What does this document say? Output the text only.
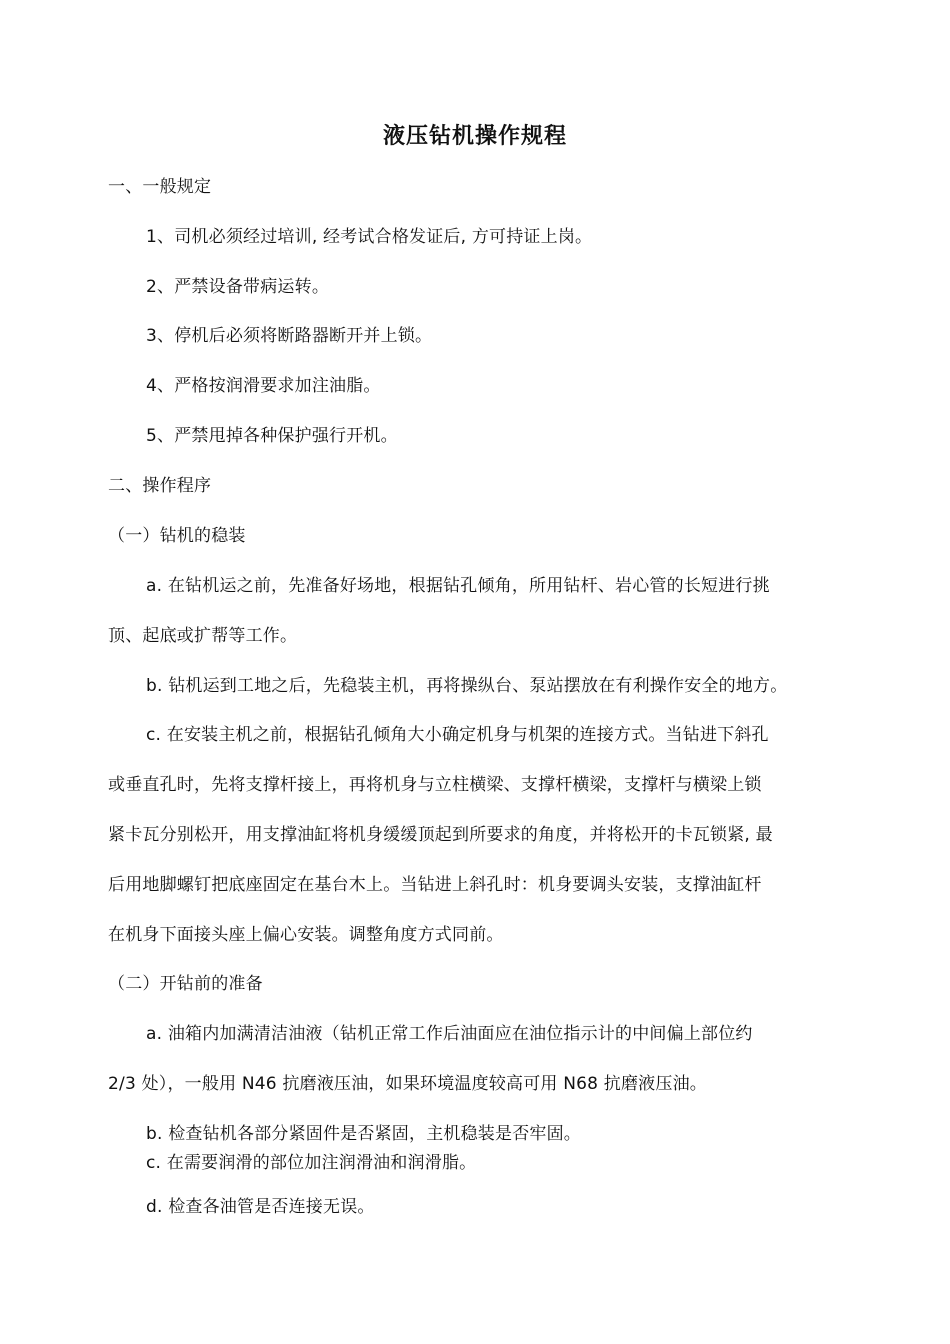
液压钻机操作规程
一、一般规定
1、司机必须经过培训, 经考试合格发证后, 方可持证上岗。
2、严禁设备带病运转。
3、停机后必须将断路器断开并上锁。
4、严格按润滑要求加注油脂。
5、严禁甩掉各种保护强行开机。
二、操作程序
（一）钻机的稳装
a. 在钻机运之前，先准备好场地，根据钻孔倾角，所用钻杆、岩心管的长短进行挑
顶、起底或扩帮等工作。
b. 钻机运到工地之后，先稳装主机，再将操纵台、泵站摆放在有利操作安全的地方。
c. 在安装主机之前，根据钻孔倾角大小确定机身与机架的连接方式。当钻进下斜孔
或垂直孔时，先将支撑杆接上，再将机身与立柱横梁、支撑杆横梁，支撑杆与横梁上锁
紧卡瓦分别松开，用支撑油缸将机身缓缓顶起到所要求的角度，并将松开的卡瓦锁紧, 最
后用地脚螺钉把底座固定在基台木上。当钻进上斜孔时：机身要调头安装，支撑油缸杆
在机身下面接头座上偏心安装。调整角度方式同前。
（二）开钻前的准备
a. 油箱内加满清洁油液（钻机正常工作后油面应在油位指示计的中间偏上部位约
2/3 处），一般用 N46 抗磨液压油，如果环境温度较高可用 N68 抗磨液压油。
b. 检查钻机各部分紧固件是否紧固，主机稳装是否牢固。
c. 在需要润滑的部位加注润滑油和润滑脂。
d. 检查各油管是否连接无误。
